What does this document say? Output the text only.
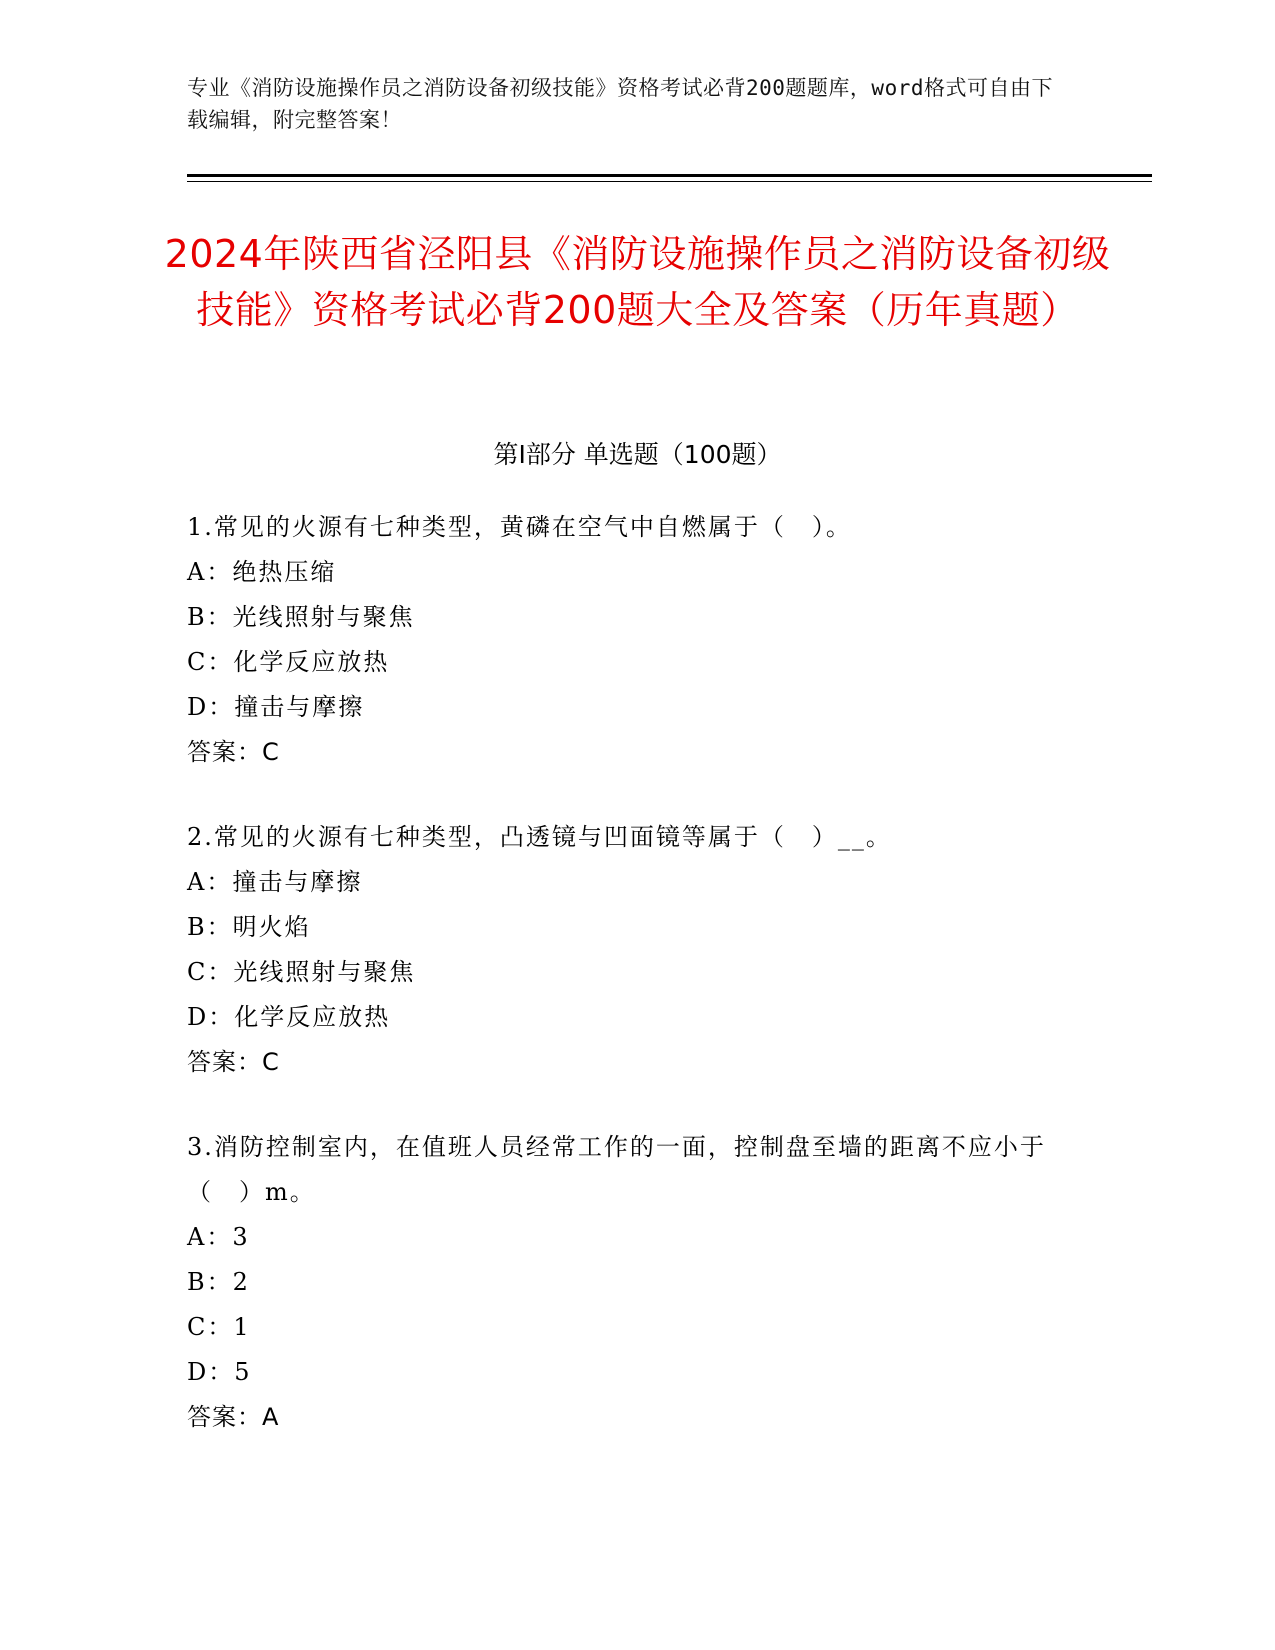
专业《消防设施操作员之消防设备初级技能》资格考试必背200题题库，word格式可自由下载编辑，附完整答案！
2024年陕西省泾阳县《消防设施操作员之消防设备初级技能》资格考试必背200题大全及答案（历年真题）
第I部分 单选题（100题）
1.常见的火源有七种类型，黄磷在空气中自燃属于（　）。
A：绝热压缩
B：光线照射与聚焦
C：化学反应放热
D：撞击与摩擦
答案：C
2.常见的火源有七种类型，凸透镜与凹面镜等属于（　）__。
A：撞击与摩擦
B：明火焰
C：光线照射与聚焦
D：化学反应放热
答案：C
3.消防控制室内，在值班人员经常工作的一面，控制盘至墙的距离不应小于（　）m。
A：3
B：2
C：1
D：5
答案：A
